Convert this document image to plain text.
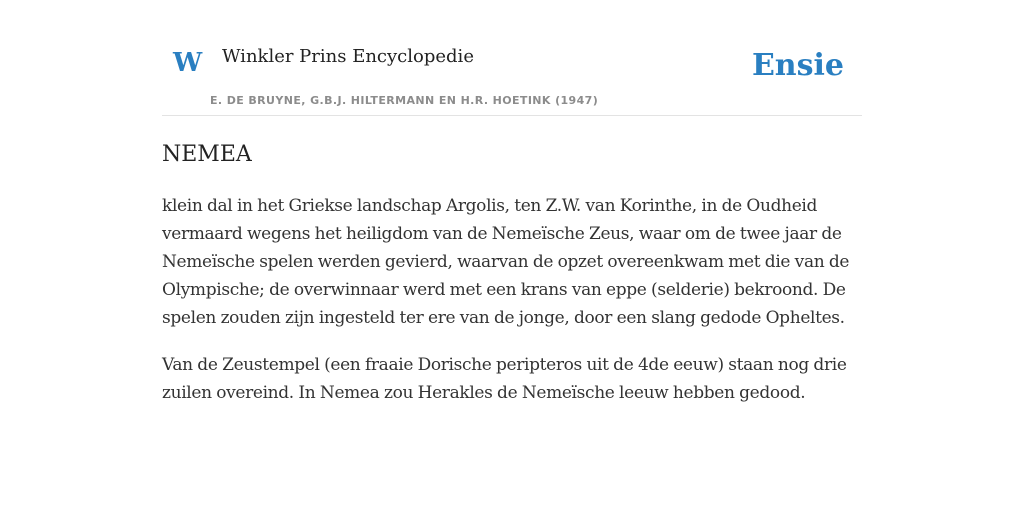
W Winkler Prins Encyclopedie
E. DE BRUYNE, G.B.J. HILTERMANN EN H.R. HOETINK (1947)
Ensie
NEMEA

klein dal in het Griekse landschap Argolis, ten Z.W. van Korinthe, in de Oudheid vermaard wegens het heiligdom van de Nemeïsche Zeus, waar om de twee jaar de Nemeïsche spelen werden gevierd, waarvan de opzet overeenkwam met die van de Olympische; de overwinnaar werd met een krans van eppe (selderie) bekroond. De spelen zouden zijn ingesteld ter ere van de jonge, door een slang gedode Opheltes.

Van de Zeustempel (een fraaie Dorische peripteros uit de 4de eeuw) staan nog drie zuilen overeind. In Nemea zou Herakles de Nemeïsche leeuw hebben gedood.
